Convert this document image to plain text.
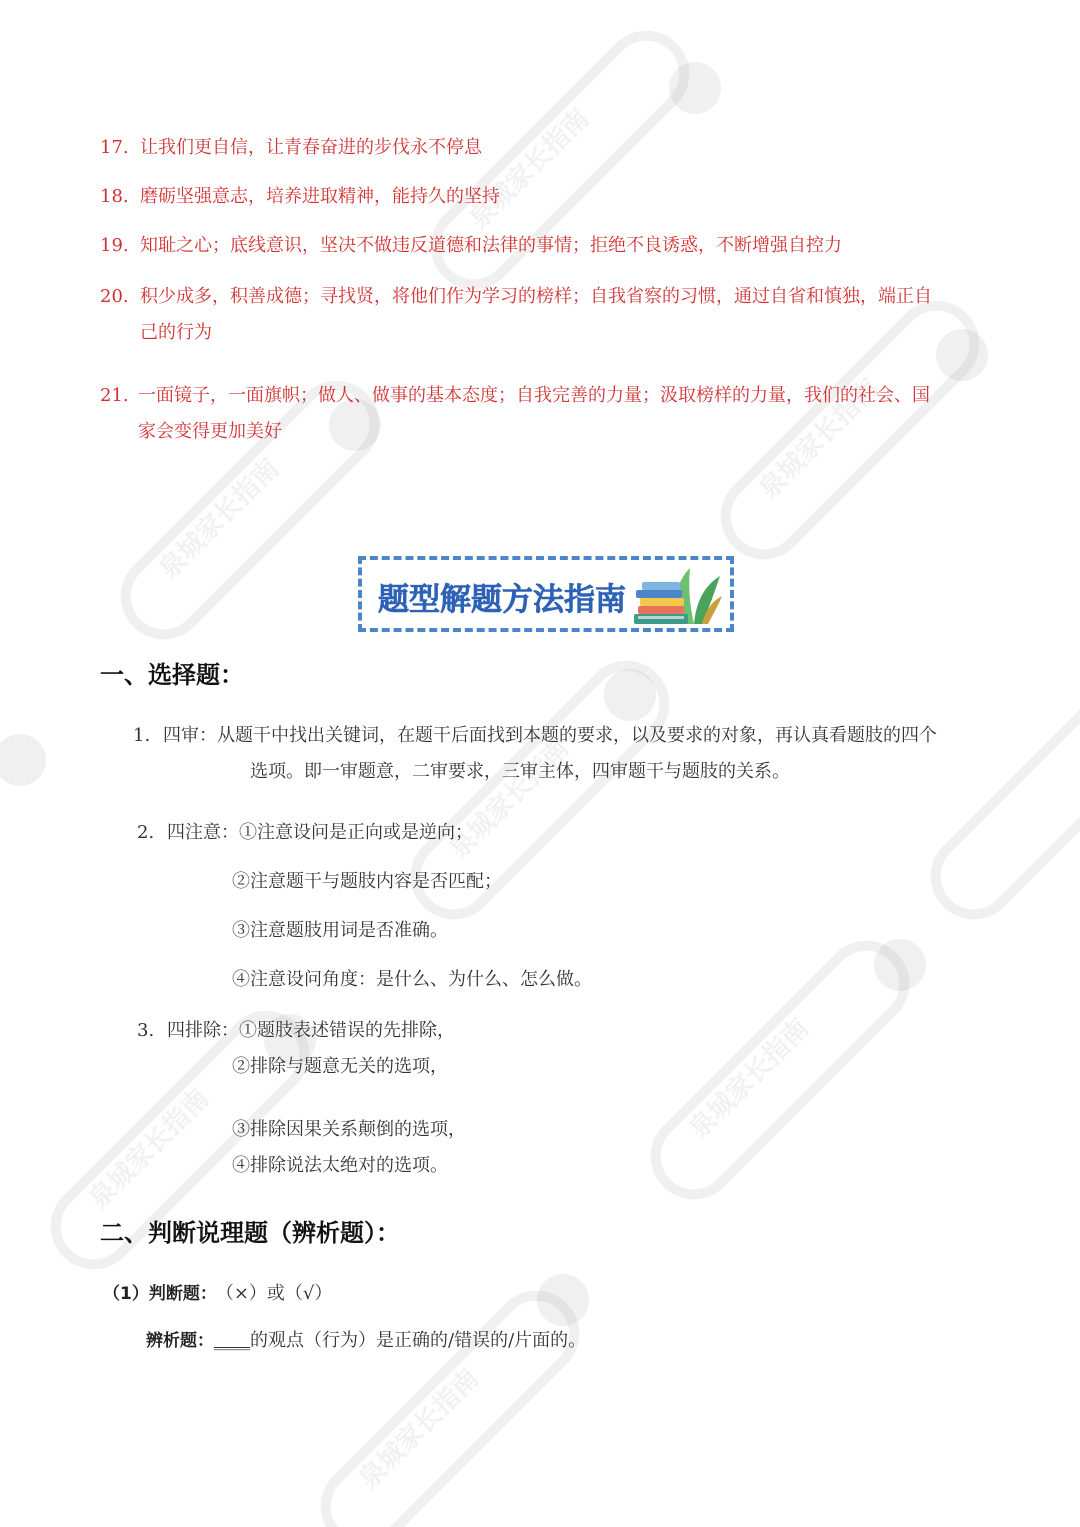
泉城家长指南
泉城家长指南
泉城家长指南
泉城家长指南
泉城家长指南
泉城家长指南
泉城家长指南
17. 让我们更自信，让青春奋进的步伐永不停息
18. 磨砺坚强意志，培养进取精神，能持久的坚持
19. 知耻之心；底线意识，坚决不做违反道德和法律的事情；拒绝不良诱惑，不断增强自控力
20. 积少成多，积善成德；寻找贤，将他们作为学习的榜样；自我省察的习惯，通过自省和慎独，端正自
己的行为
21. 一面镜子，一面旗帜；做人、做事的基本态度；自我完善的力量；汲取榜样的力量，我们的社会、国
家会变得更加美好
题型解题方法指南
一、选择题：
1. 四审：从题干中找出关键词，在题干后面找到本题的要求，以及要求的对象，再认真看题肢的四个
选项。即一审题意，二审要求，三审主体，四审题干与题肢的关系。
2. 四注意：①注意设问是正向或是逆向；
②注意题干与题肢内容是否匹配；
③注意题肢用词是否准确。
④注意设问角度：是什么、为什么、怎么做。
3. 四排除：①题肢表述错误的先排除，
②排除与题意无关的选项，
③排除因果关系颠倒的选项，
④排除说法太绝对的选项。
二、判断说理题（辨析题）：
（1）判断题： （×）或（√）
辨析题：____的观点（行为）是正确的/错误的/片面的。
